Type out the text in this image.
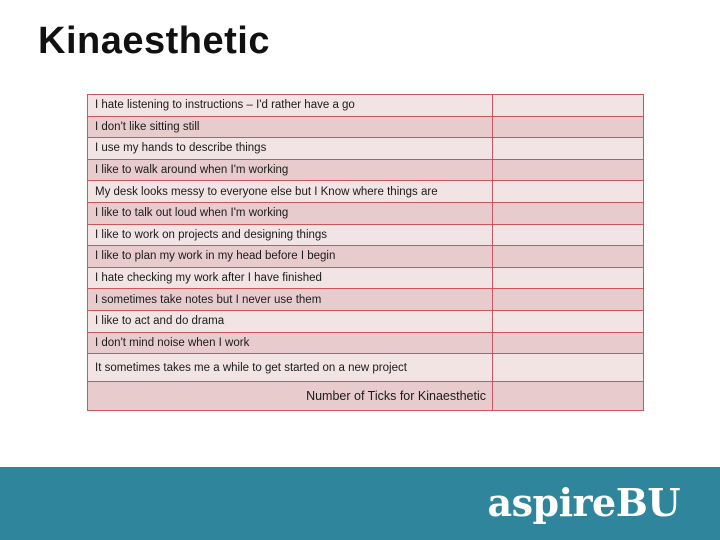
Kinaesthetic
I hate listening to instructions – I'd rather have a go	
I don't like sitting still	
I use my hands to describe things	
I like to walk around when I'm working	
My desk looks messy to everyone else but I Know where things are	
I like to talk out loud when I'm working	
I like to work on projects and designing things	
I like to plan my work in my head before I begin	
I hate checking my work after I have finished	
I sometimes take notes but I never use them	
I like to act and do drama	
I don't mind noise when I work	
It sometimes takes me a while to get started on a new project	
Number of Ticks for Kinaesthetic	
aspireBU
